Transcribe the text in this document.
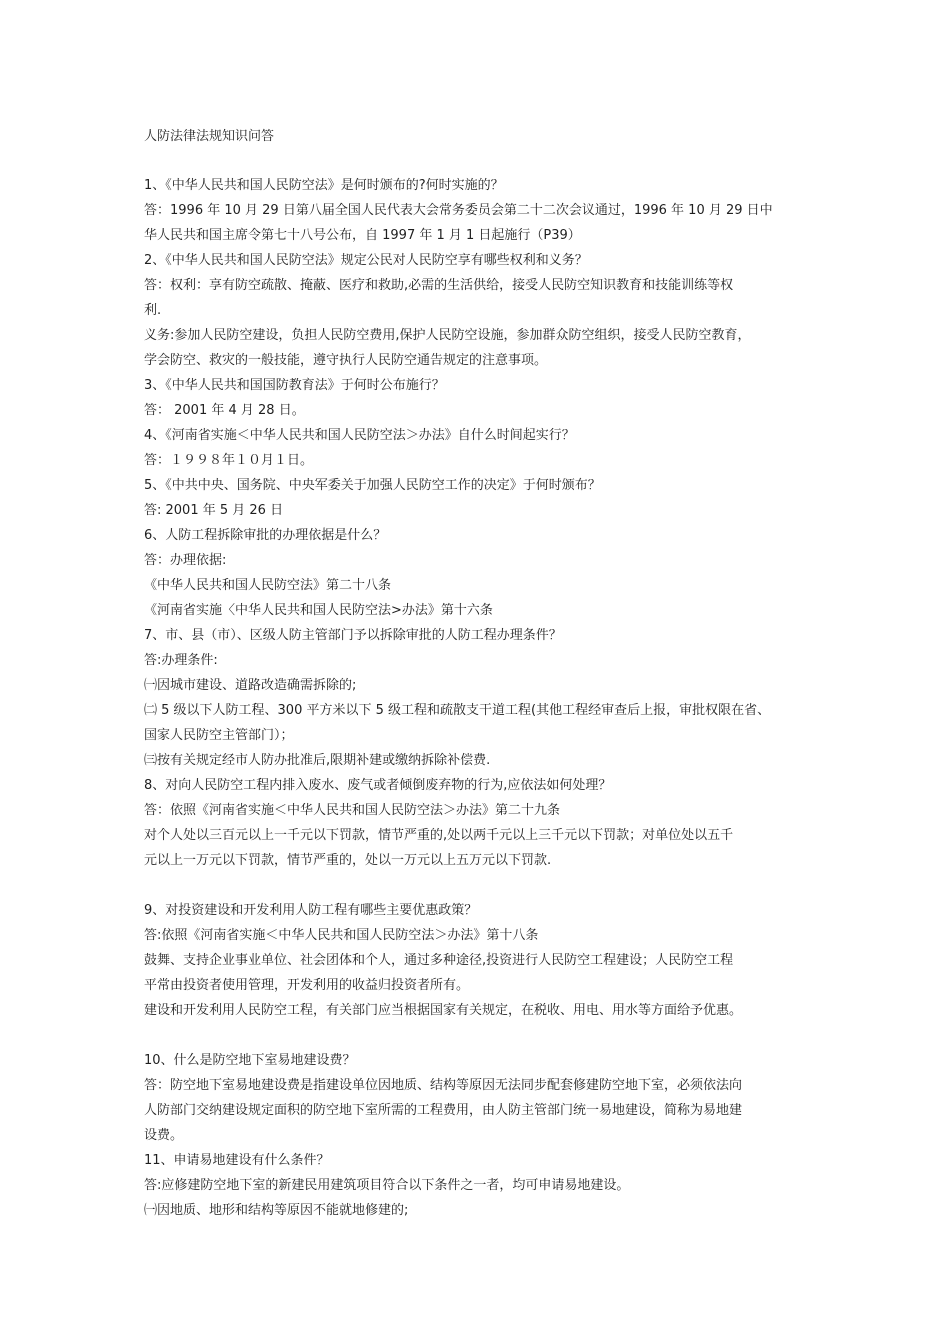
人防法律法规知识问答
1、《中华人民共和国人民防空法》是何时颁布的?何时实施的？
答：1996 年 10 月 29 日第八届全国人民代表大会常务委员会第二十二次会议通过，1996 年 10 月 29 日中
华人民共和国主席令第七十八号公布，自 1997 年 1 月 1 日起施行（P39）
2、《中华人民共和国人民防空法》规定公民对人民防空享有哪些权利和义务？
答：权利：享有防空疏散、掩蔽、医疗和救助,必需的生活供给，接受人民防空知识教育和技能训练等权
利.
义务:参加人民防空建设，负担人民防空费用,保护人民防空设施，参加群众防空组织，接受人民防空教育，
学会防空、救灾的一般技能，遵守执行人民防空通告规定的注意事项。
3、《中华人民共和国国防教育法》于何时公布施行？
答： 2001 年 4 月 28 日。
4、《河南省实施＜中华人民共和国人民防空法＞办法》自什么时间起实行？
答：１９９８年１０月１日。
5、《中共中央、国务院、中央军委关于加强人民防空工作的决定》于何时颁布？
答: 2001 年 5 月 26 日
6、人防工程拆除审批的办理依据是什么？
答：办理依据:
《中华人民共和国人民防空法》第二十八条
《河南省实施〈中华人民共和国人民防空法>办法》第十六条
7、市、县（市）、区级人防主管部门予以拆除审批的人防工程办理条件？
答:办理条件:
㈠因城市建设、道路改造确需拆除的;
㈡ 5 级以下人防工程、300 平方米以下 5 级工程和疏散支干道工程(其他工程经审查后上报，审批权限在省、
国家人民防空主管部门）；
㈢按有关规定经市人防办批准后,限期补建或缴纳拆除补偿费.
8、对向人民防空工程内排入废水、废气或者倾倒废弃物的行为,应依法如何处理？
答：依照《河南省实施＜中华人民共和国人民防空法＞办法》第二十九条
对个人处以三百元以上一千元以下罚款，情节严重的,处以两千元以上三千元以下罚款；对单位处以五千
元以上一万元以下罚款，情节严重的，处以一万元以上五万元以下罚款.
9、对投资建设和开发利用人防工程有哪些主要优惠政策？
答:依照《河南省实施＜中华人民共和国人民防空法＞办法》第十八条
鼓舞、支持企业事业单位、社会团体和个人，通过多种途径,投资进行人民防空工程建设；人民防空工程
平常由投资者使用管理，开发利用的收益归投资者所有。
建设和开发利用人民防空工程，有关部门应当根据国家有关规定，在税收、用电、用水等方面给予优惠。
10、什么是防空地下室易地建设费？
答：防空地下室易地建设费是指建设单位因地质、结构等原因无法同步配套修建防空地下室，必须依法向
人防部门交纳建设规定面积的防空地下室所需的工程费用，由人防主管部门统一易地建设，简称为易地建
设费。
11、申请易地建设有什么条件？
答:应修建防空地下室的新建民用建筑项目符合以下条件之一者，均可申请易地建设。
㈠因地质、地形和结构等原因不能就地修建的;
